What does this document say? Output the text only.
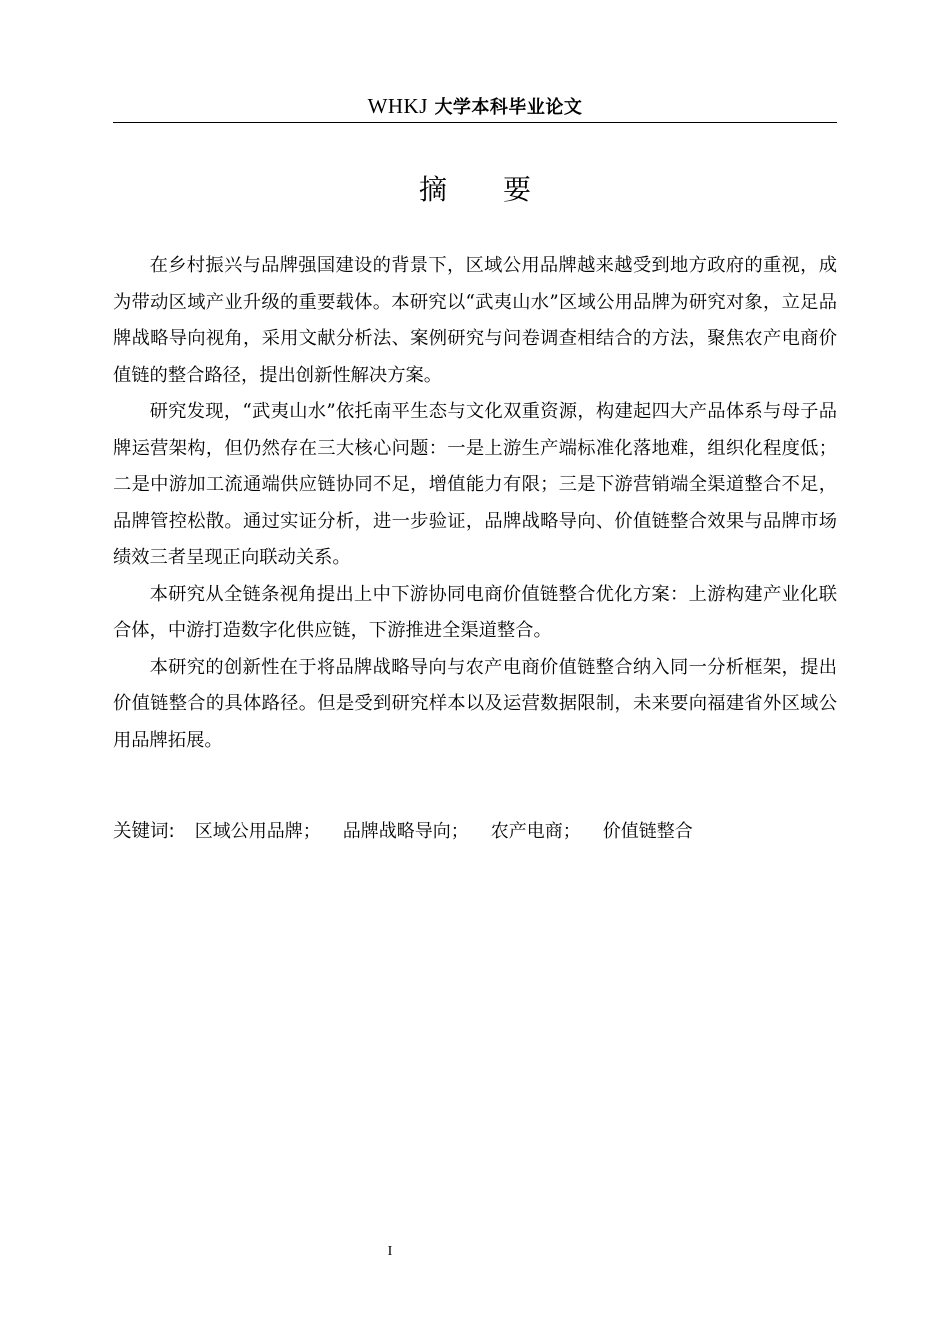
WHKJ 大学本科毕业论文
摘要

在乡村振兴与品牌强国建设的背景下，区域公用品牌越来越受到地方政府的重视，成为带动区域产业升级的重要载体。本研究以“武夷山水”区域公用品牌为研究对象，立足品牌战略导向视角，采用文献分析法、案例研究与问卷调查相结合的方法，聚焦农产电商价值链的整合路径，提出创新性解决方案。

研究发现，“武夷山水”依托南平生态与文化双重资源，构建起四大产品体系与母子品牌运营架构，但仍然存在三大核心问题：一是上游生产端标准化落地难，组织化程度低；二是中游加工流通端供应链协同不足，增值能力有限；三是下游营销端全渠道整合不足，品牌管控松散。通过实证分析，进一步验证，品牌战略导向、价值链整合效果与品牌市场绩效三者呈现正向联动关系。

本研究从全链条视角提出上中下游协同电商价值链整合优化方案：上游构建产业化联合体，中游打造数字化供应链，下游推进全渠道整合。

本研究的创新性在于将品牌战略导向与农产电商价值链整合纳入同一分析框架，提出价值链整合的具体路径。但是受到研究样本以及运营数据限制，未来要向福建省外区域公用品牌拓展。

关键词: 区域公用品牌； 品牌战略导向； 农产电商； 价值链整合
I
